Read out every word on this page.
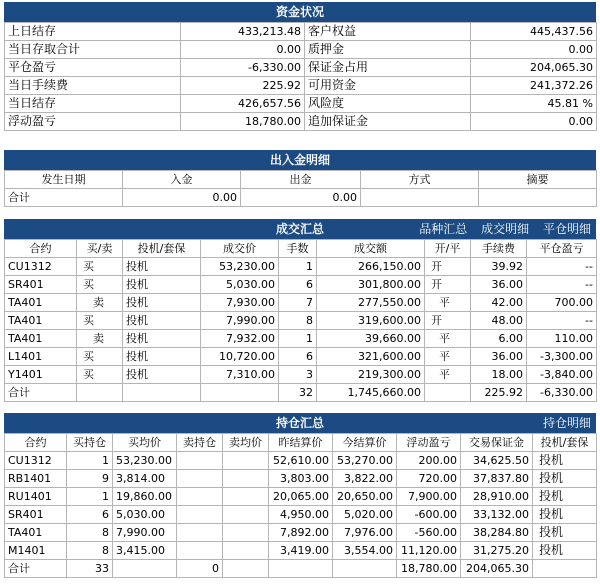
资金状况
上日结存	433,213.48	客户权益	445,437.56
当日存取合计	0.00	质押金	0.00
平仓盈亏	-6,330.00	保证金占用	204,065.30
当日手续费	225.92	可用资金	241,372.26
当日结存	426,657.56	风险度	45.81 %
浮动盈亏	18,780.00	追加保证金	0.00
出入金明细
发生日期	入金	出金	方式	摘要
合计	0.00	0.00		
成交汇总	品种汇总 成交明细 平仓明细
合约	买/卖	投机/套保	成交价	手数	成交额	开/平	手续费	平仓盈亏
CU1312	买	投机	53,230.00	1	266,150.00	开	39.92	--
SR401	买	投机	5,030.00	6	301,800.00	开	36.00	--
TA401	卖	投机	7,930.00	7	277,550.00	平	42.00	700.00
TA401	买	投机	7,990.00	8	319,600.00	开	48.00	--
TA401	卖	投机	7,932.00	1	39,660.00	平	6.00	110.00
L1401	买	投机	10,720.00	6	321,600.00	平	36.00	-3,300.00
Y1401	买	投机	7,310.00	3	219,300.00	平	18.00	-3,840.00
合计				32	1,745,660.00		225.92	-6,330.00
持仓汇总	持仓明细
合约	买持仓	买均价	卖持仓	卖均价	昨结算价	今结算价	浮动盈亏	交易保证金	投机/套保
CU1312	1	53,230.00			52,610.00	53,270.00	200.00	34,625.50	投机
RB1401	9	3,814.00			3,803.00	3,822.00	720.00	37,837.80	投机
RU1401	1	19,860.00			20,065.00	20,650.00	7,900.00	28,910.00	投机
SR401	6	5,030.00			4,950.00	5,020.00	-600.00	33,132.00	投机
TA401	8	7,990.00			7,892.00	7,976.00	-560.00	38,284.80	投机
M1401	8	3,415.00			3,419.00	3,554.00	11,120.00	31,275.20	投机
合计	33		0				18,780.00	204,065.30	
